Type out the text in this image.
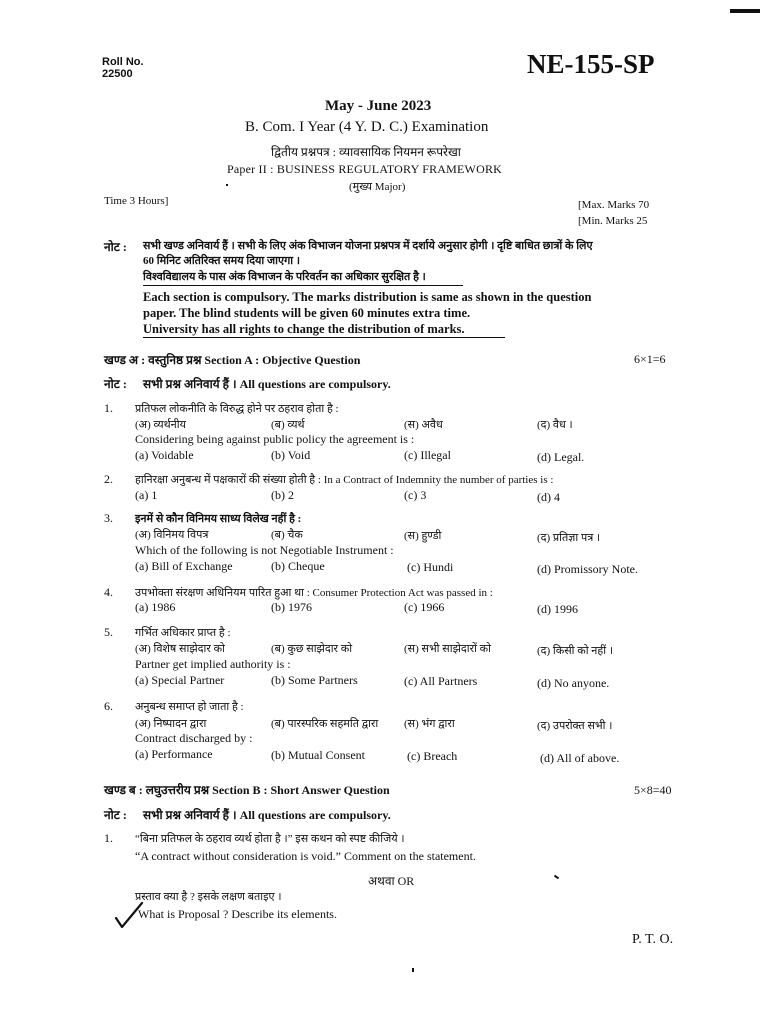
Roll No.
22500	NE-155-SP
May - June 2023
B. Com. I Year (4 Y. D. C.) Examination
द्वितीय प्रश्नपत्र : व्यावसायिक नियमन रूपरेखा
Paper II : BUSINESS REGULATORY FRAMEWORK
(मुख्य Major)
Time 3 Hours]	[Max. Marks 70
[Min. Marks 25
नोट : सभी खण्ड अनिवार्य हैं । सभी के लिए अंक विभाजन योजना प्रश्नपत्र में दर्शाये अनुसार होगी । दृष्टि बाधित छात्रों के लिए
60 मिनिट अतिरिक्त समय दिया जाएगा ।
विश्वविद्यालय के पास अंक विभाजन के परिवर्तन का अधिकार सुरक्षित है ।
Each section is compulsory. The marks distribution is same as shown in the question
paper. The blind students will be given 60 minutes extra time.
University has all rights to change the distribution of marks.
खण्ड अ : वस्तुनिष्ठ प्रश्न Section A : Objective Question	6×1=6
नोट : सभी प्रश्न अनिवार्य हैं । All questions are compulsory.
1. प्रतिफल लोकनीति के विरुद्ध होने पर ठहराव होता है :
(अ) व्यर्थनीय	(ब) व्यर्थ	(स) अवैध	(द) वैध ।
Considering being against public policy the agreement is :
(a) Voidable	(b) Void	(c) Illegal	(d) Legal.
2. हानिरक्षा अनुबन्ध में पक्षकारों की संख्या होती है : In a Contract of Indemnity the number of parties is :
(a) 1	(b) 2	(c) 3	(d) 4
3. इनमें से कौन विनिमय साध्य विलेख नहीं है :
(अ) विनिमय विपत्र	(ब) चैक	(स) हुण्डी	(द) प्रतिज्ञा पत्र ।
Which of the following is not Negotiable Instrument :
(a) Bill of Exchange	(b) Cheque	(c) Hundi	(d) Promissory Note.
4. उपभोक्ता संरक्षण अधिनियम पारित हुआ था : Consumer Protection Act was passed in :
(a) 1986	(b) 1976	(c) 1966	(d) 1996
5. गर्भित अधिकार प्राप्त है :
(अ) विशेष साझेदार को	(ब) कुछ साझेदार को	(स) सभी साझेदारों को	(द) किसी को नहीं ।
Partner get implied authority is :
(a) Special Partner	(b) Some Partners	(c) All Partners	(d) No anyone.
6. अनुबन्ध समाप्त हो जाता है :
(अ) निष्पादन द्वारा	(ब) पारस्परिक सहमति द्वारा (स) भंग द्वारा	(द) उपरोक्त सभी ।
Contract discharged by :
(a) Performance	(b) Mutual Consent	(c) Breach	(d) All of above.
खण्ड ब : लघुउत्तरीय प्रश्न Section B : Short Answer Question	5×8=40
नोट : सभी प्रश्न अनिवार्य हैं । All questions are compulsory.
1. “बिना प्रतिफल के ठहराव व्यर्थ होता है ।” इस कथन को स्पष्ट कीजिये ।
“A contract without consideration is void.” Comment on the statement.
अथवा OR
प्रस्ताव क्या है ? इसके लक्षण बताइए ।
What is Proposal ? Describe its elements.
P. T. O.
